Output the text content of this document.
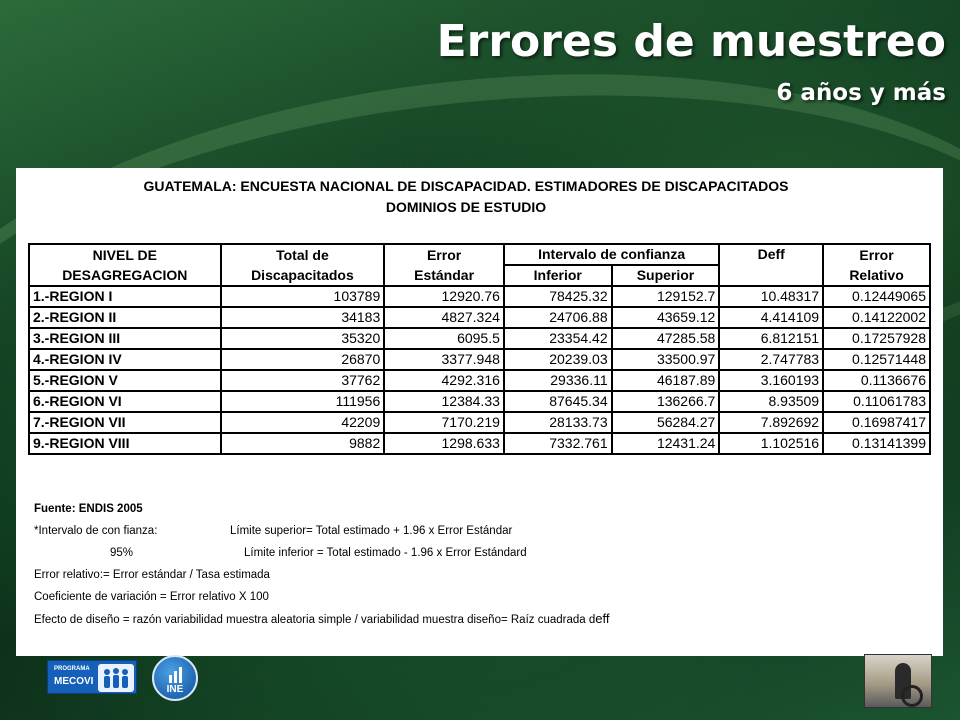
Errores de muestreo
6 años y más
GUATEMALA: ENCUESTA NACIONAL DE DISCAPACIDAD. ESTIMADORES DE DISCAPACITADOS
DOMINIOS DE ESTUDIO
NIVEL DE	Total de	Error	Intervalo de confianza		Deff	Error
DESAGREGACION	Discapacitados	Estándar	Inferior	Superior		Relativo
1.-REGION I	103789	12920.76	78425.32	129152.7	10.48317	0.12449065
2.-REGION II	34183	4827.324	24706.88	43659.12	4.414109	0.14122002
3.-REGION III	35320	6095.5	23354.42	47285.58	6.812151	0.17257928
4.-REGION IV	26870	3377.948	20239.03	33500.97	2.747783	0.12571448
5.-REGION V	37762	4292.316	29336.11	46187.89	3.160193	0.1136676
6.-REGION VI	111956	12384.33	87645.34	136266.7	8.93509	0.11061783
7.-REGION VII	42209	7170.219	28133.73	56284.27	7.892692	0.16987417
9.-REGION VIII	9882	1298.633	7332.761	12431.24	1.102516	0.13141399
Fuente: ENDIS 2005
*Intervalo de con fianza:	Límite superior= Total estimado + 1.96 x Error Estándar
95%	Límite inferior = Total estimado - 1.96 x Error Estándard
Error relativo:= Error estándar / Tasa estimada
Coeficiente de variación = Error relativo X 100
Efecto de diseño = razón variabilidad muestra aleatoria simple / variabilidad muestra diseño= Raíz cuadrada deff
PROGRAMA
MECOVI
INE
